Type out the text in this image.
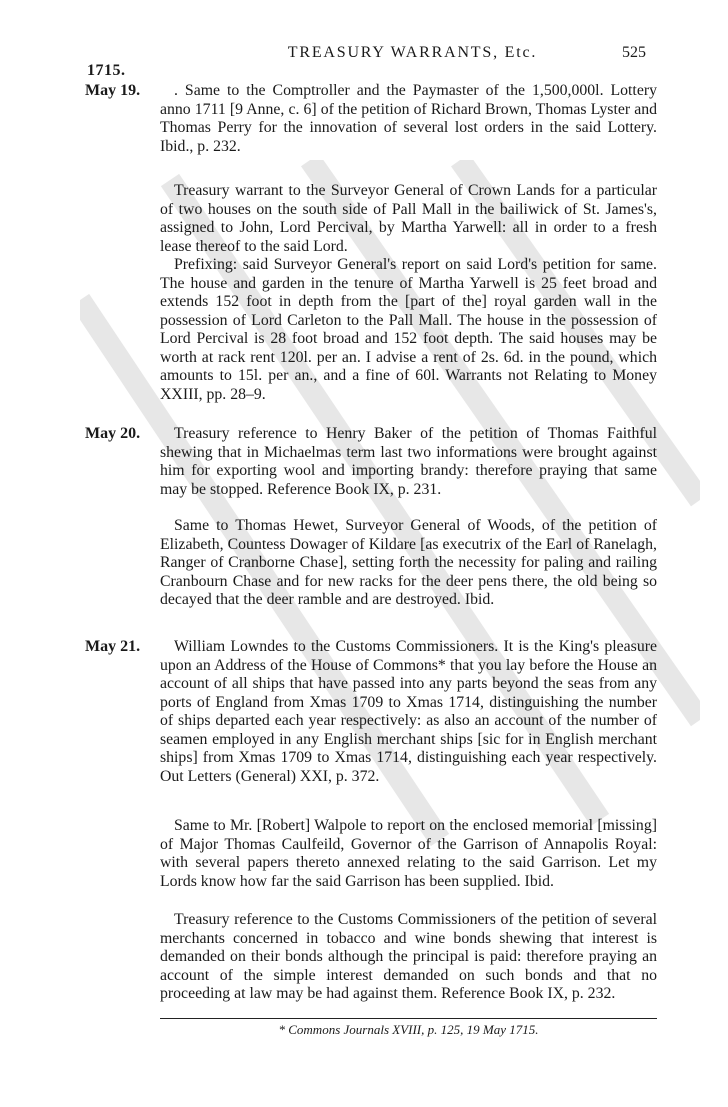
1715.
TREASURY WARRANTS, Etc.	525
May 19.
May 20.
May 21.

. Same to the Comptroller and the Paymaster of the 1,500,000l. Lottery anno 1711 [9 Anne, c. 6] of the petition of Richard Brown, Thomas Lyster and Thomas Perry for the innovation of several lost orders in the said Lottery. Ibid., p. 232.

Treasury warrant to the Surveyor General of Crown Lands for a particular of two houses on the south side of Pall Mall in the bailiwick of St. James's, assigned to John, Lord Percival, by Martha Yarwell: all in order to a fresh lease thereof to the said Lord.

Prefixing: said Surveyor General's report on said Lord's petition for same. The house and garden in the tenure of Martha Yarwell is 25 feet broad and extends 152 foot in depth from the [part of the] royal garden wall in the possession of Lord Carleton to the Pall Mall. The house in the possession of Lord Percival is 28 foot broad and 152 foot depth. The said houses may be worth at rack rent 120l. per an. I advise a rent of 2s. 6d. in the pound, which amounts to 15l. per an., and a fine of 60l. Warrants not Relating to Money XXIII, pp. 28–9.

Treasury reference to Henry Baker of the petition of Thomas Faithful shewing that in Michaelmas term last two informations were brought against him for exporting wool and importing brandy: therefore praying that same may be stopped. Reference Book IX, p. 231.

Same to Thomas Hewet, Surveyor General of Woods, of the petition of Elizabeth, Countess Dowager of Kildare [as executrix of the Earl of Ranelagh, Ranger of Cranborne Chase], setting forth the necessity for paling and railing Cranbourn Chase and for new racks for the deer pens there, the old being so decayed that the deer ramble and are destroyed. Ibid.

William Lowndes to the Customs Commissioners. It is the King's pleasure upon an Address of the House of Commons* that you lay before the House an account of all ships that have passed into any parts beyond the seas from any ports of England from Xmas 1709 to Xmas 1714, distinguishing the number of ships departed each year respectively: as also an account of the number of seamen employed in any English merchant ships [sic for in English merchant ships] from Xmas 1709 to Xmas 1714, distinguishing each year respectively. Out Letters (General) XXI, p. 372.

Same to Mr. [Robert] Walpole to report on the enclosed memorial [missing] of Major Thomas Caulfeild, Governor of the Garrison of Annapolis Royal: with several papers thereto annexed relating to the said Garrison. Let my Lords know how far the said Garrison has been supplied. Ibid.

Treasury reference to the Customs Commissioners of the petition of several merchants concerned in tobacco and wine bonds shewing that interest is demanded on their bonds although the principal is paid: therefore praying an account of the simple interest demanded on such bonds and that no proceeding at law may be had against them. Reference Book IX, p. 232.

* Commons Journals XVIII, p. 125, 19 May 1715.
